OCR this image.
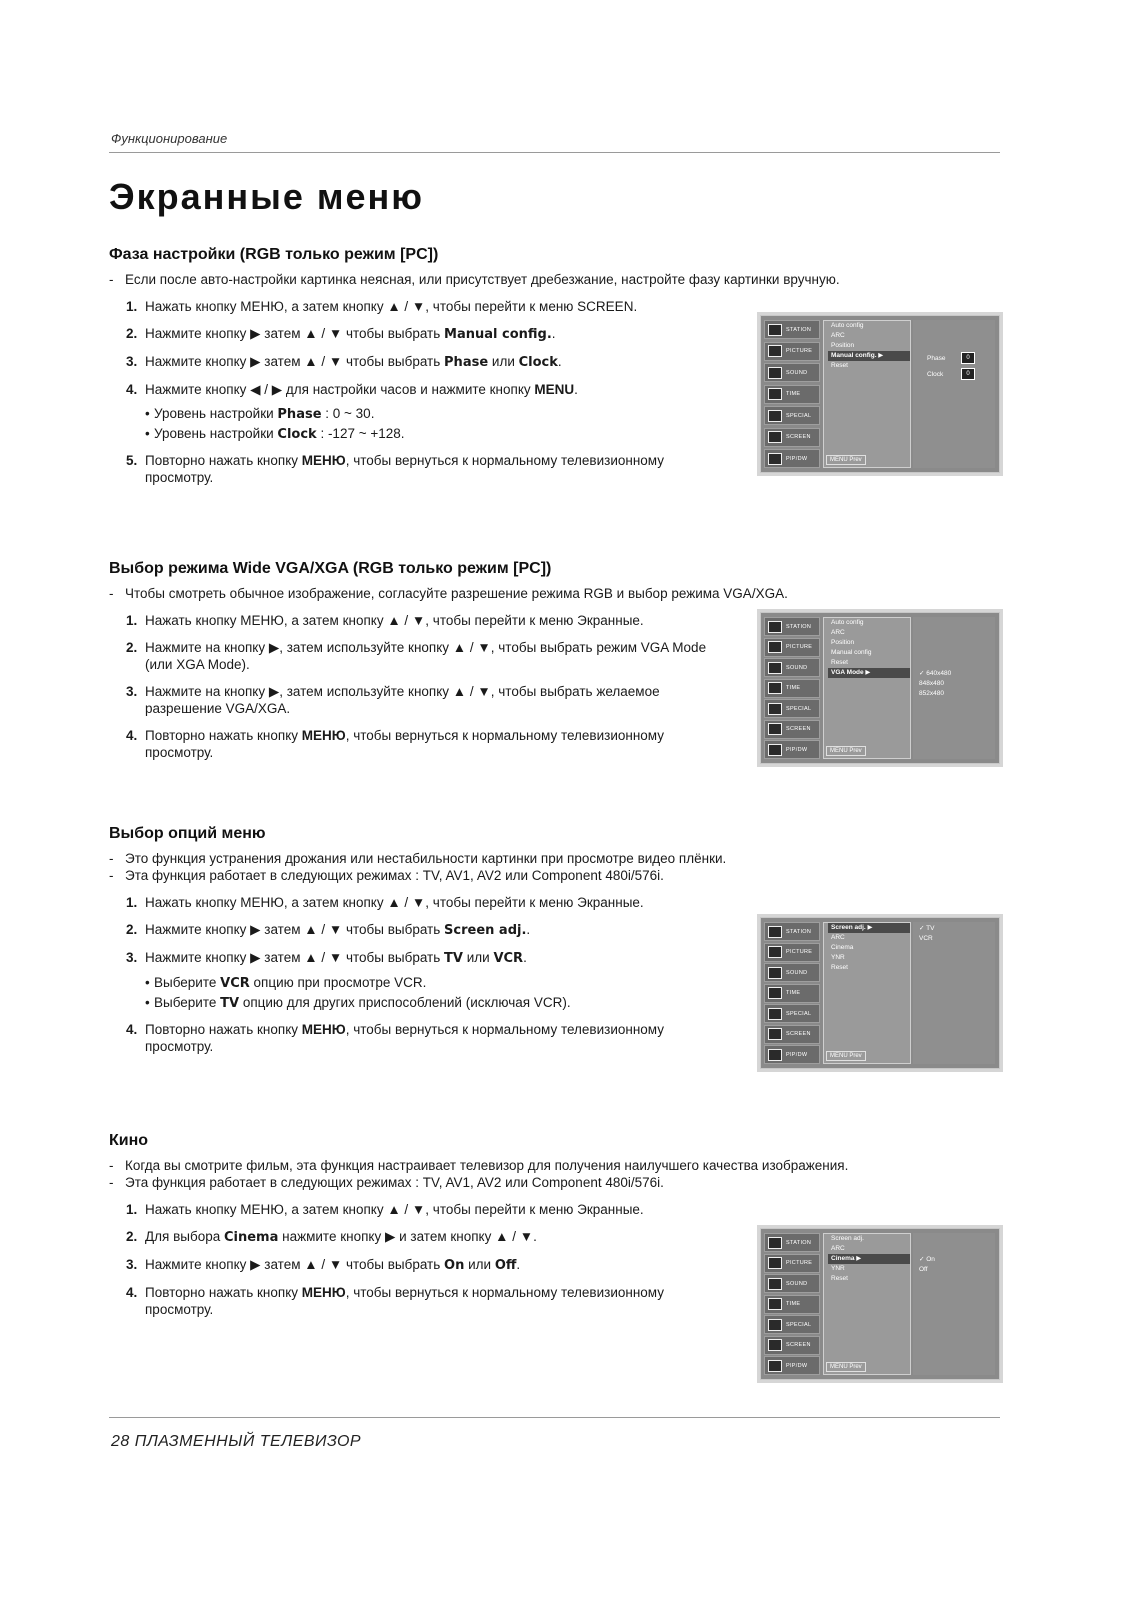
Функционирование
Экранные меню
Фаза настройки (RGB только режим [PC])

- Если после авто-настройки картинка неясная, или присутствует дребезжание, настройте фазу картинки вручную.

1. Нажать кнопку МЕНЮ, а затем кнопку ▲ / ▼, чтобы перейти к меню SCREEN.
2. Нажмите кнопку ▶ затем ▲ / ▼ чтобы выбрать Manual config..
3. Нажмите кнопку ▶ затем ▲ / ▼ чтобы выбрать Phase или Clock.
4. Нажмите кнопку ◀ / ▶ для настройки часов и нажмите кнопку MENU.
• Уровень настройки Phase : 0 ~ 30.
• Уровень настройки Clock : -127 ~ +128.
5. Повторно нажать кнопку МЕНЮ, чтобы вернуться к нормальному телевизионному просмотру.
STATION
PICTURE
SOUND
TIME
SPECIAL
SCREEN
PIP/DW
Auto config
ARC
Position
Manual config. ▶
Reset
MENU Prev
Phase	0
Clock	0
Выбор режима Wide VGA/XGA (RGB только режим [PC])

- Чтобы смотреть обычное изображение, согласуйте разрешение режима RGB и выбор режима VGA/XGA.

1. Нажать кнопку МЕНЮ, а затем кнопку ▲ / ▼, чтобы перейти к меню Экранные.
2. Нажмите на кнопку ▶, затем используйте кнопку ▲ / ▼, чтобы выбрать режим VGA Mode (или XGA Mode).
3. Нажмите на кнопку ▶, затем используйте кнопку ▲ / ▼, чтобы выбрать желаемое разрешение VGA/XGA.
4. Повторно нажать кнопку МЕНЮ, чтобы вернуться к нормальному телевизионному просмотру.
STATION
PICTURE
SOUND
TIME
SPECIAL
SCREEN
PIP/DW
Auto config
ARC
Position
Manual config
Reset
VGA Mode ▶
MENU Prev
✓ 640x480
848x480
852x480
Выбор опций меню

- Это функция устранения дрожания или нестабильности картинки при просмотре видео плёнки.

- Эта функция работает в следующих режимах : TV, AV1, AV2 или Component 480i/576i.

1. Нажать кнопку МЕНЮ, а затем кнопку ▲ / ▼, чтобы перейти к меню Экранные.
2. Нажмите кнопку ▶ затем ▲ / ▼ чтобы выбрать Screen adj..
3. Нажмите кнопку ▶ затем ▲ / ▼ чтобы выбрать TV или VCR.
• Выберите VCR опцию при просмотре VCR.
• Выберите TV опцию для других приспособлений (исключая VCR).
4. Повторно нажать кнопку МЕНЮ, чтобы вернуться к нормальному телевизионному просмотру.
STATION
PICTURE
SOUND
TIME
SPECIAL
SCREEN
PIP/DW
Screen adj. ▶
ARC
Cinema
YNR
Reset
MENU Prev
✓ TV
VCR
Кино

- Когда вы смотрите фильм, эта функция настраивает телевизор для получения наилучшего качества изображения.

- Эта функция работает в следующих режимах : TV, AV1, AV2 или Component 480i/576i.

1. Нажать кнопку МЕНЮ, а затем кнопку ▲ / ▼, чтобы перейти к меню Экранные.
2. Для выбора Cinema нажмите кнопку ▶ и затем кнопку ▲ / ▼.
3. Нажмите кнопку ▶ затем ▲ / ▼ чтобы выбрать On или Off.
4. Повторно нажать кнопку МЕНЮ, чтобы вернуться к нормальному телевизионному просмотру.
STATION
PICTURE
SOUND
TIME
SPECIAL
SCREEN
PIP/DW
Screen adj.
ARC
Cinema ▶
YNR
Reset
MENU Prev
✓ On
Off
28 ПЛАЗМЕННЫЙ ТЕЛЕВИЗОР
